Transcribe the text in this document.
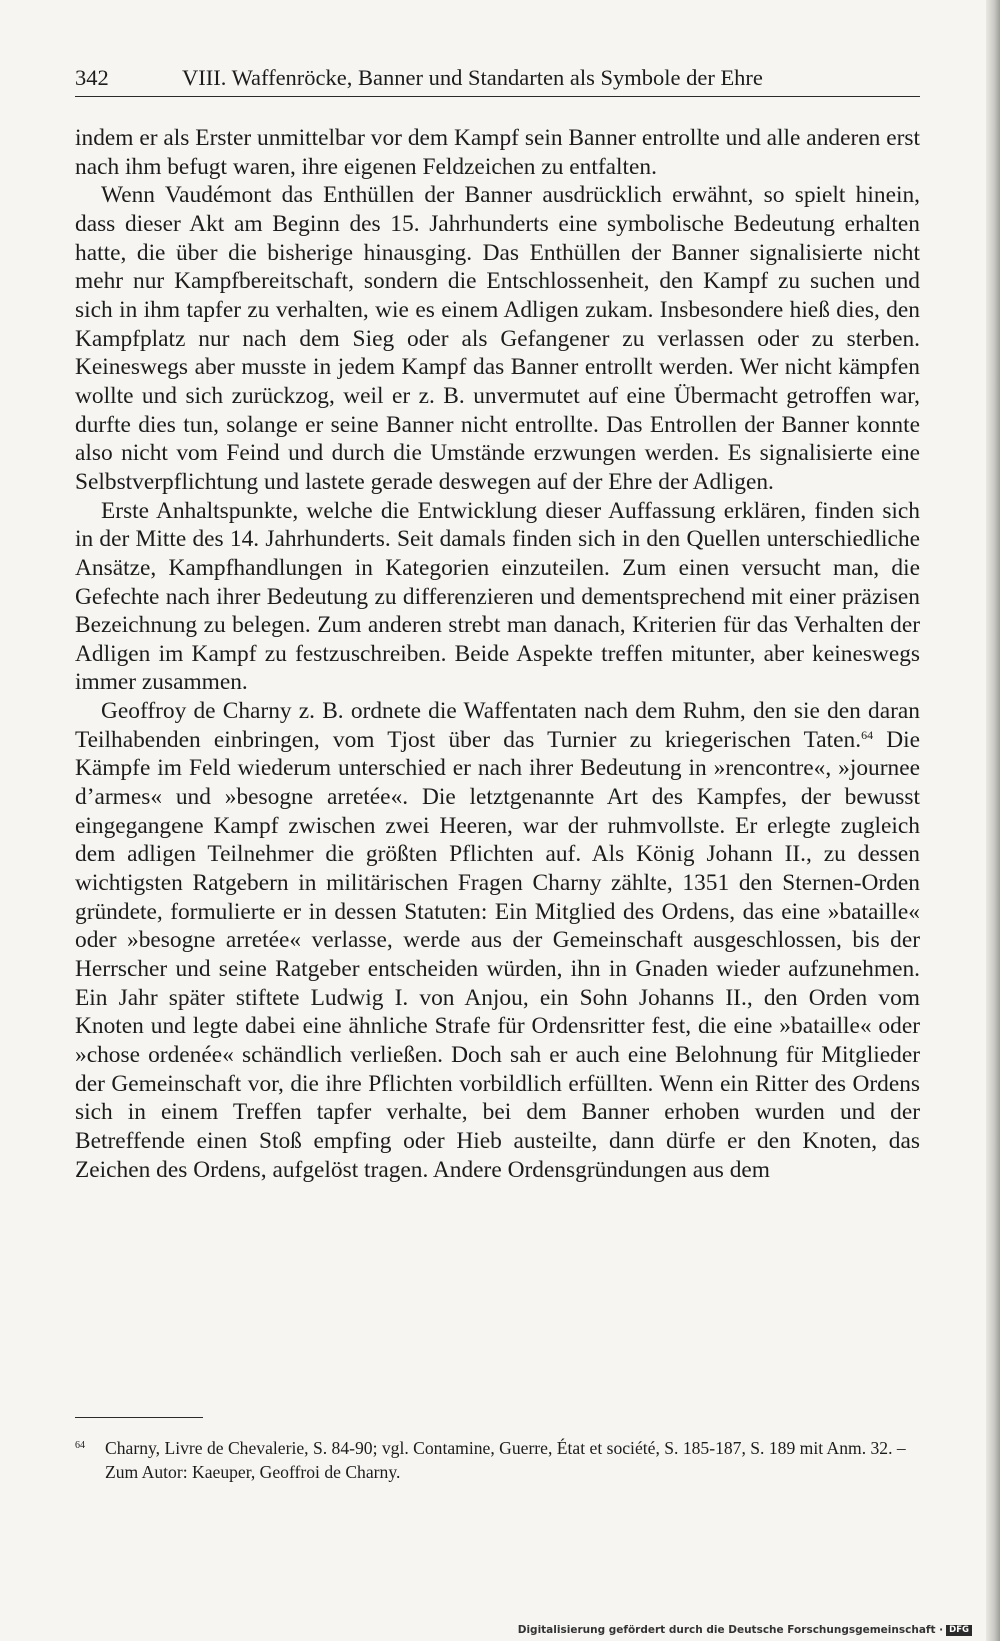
342	VIII. Waffenröcke, Banner und Standarten als Symbole der Ehre

indem er als Erster unmittelbar vor dem Kampf sein Banner entrollte und alle anderen erst nach ihm befugt waren, ihre eigenen Feldzeichen zu entfalten.

Wenn Vaudémont das Enthüllen der Banner ausdrücklich erwähnt, so spielt hinein, dass dieser Akt am Beginn des 15. Jahrhunderts eine symbolische Bedeutung erhalten hatte, die über die bisherige hinausging. Das Enthüllen der Banner signalisierte nicht mehr nur Kampfbereitschaft, sondern die Entschlossenheit, den Kampf zu suchen und sich in ihm tapfer zu verhalten, wie es einem Adligen zukam. Insbesondere hieß dies, den Kampfplatz nur nach dem Sieg oder als Gefangener zu verlassen oder zu sterben. Keineswegs aber musste in jedem Kampf das Banner entrollt werden. Wer nicht kämpfen wollte und sich zurückzog, weil er z. B. unvermutet auf eine Übermacht getroffen war, durfte dies tun, solange er seine Banner nicht entrollte. Das Entrollen der Banner konnte also nicht vom Feind und durch die Umstände erzwungen werden. Es signalisierte eine Selbstverpflichtung und lastete gerade deswegen auf der Ehre der Adligen.

Erste Anhaltspunkte, welche die Entwicklung dieser Auffassung erklären, finden sich in der Mitte des 14. Jahrhunderts. Seit damals finden sich in den Quellen unterschiedliche Ansätze, Kampfhandlungen in Kategorien einzuteilen. Zum einen versucht man, die Gefechte nach ihrer Bedeutung zu differenzieren und dementsprechend mit einer präzisen Bezeichnung zu belegen. Zum anderen strebt man danach, Kriterien für das Verhalten der Adligen im Kampf zu festzuschreiben. Beide Aspekte treffen mitunter, aber keineswegs immer zusammen.

Geoffroy de Charny z. B. ordnete die Waffentaten nach dem Ruhm, den sie den daran Teilhabenden einbringen, vom Tjost über das Turnier zu kriegerischen Taten.$^{64}$ Die Kämpfe im Feld wiederum unterschied er nach ihrer Bedeutung in »rencontre«, »journee d’armes« und »besogne arretée«. Die letztgenannte Art des Kampfes, der bewusst eingegangene Kampf zwischen zwei Heeren, war der ruhmvollste. Er erlegte zugleich dem adligen Teilnehmer die größten Pflichten auf. Als König Johann II., zu dessen wichtigsten Ratgebern in militärischen Fragen Charny zählte, 1351 den Sternen-Orden gründete, formulierte er in dessen Statuten: Ein Mitglied des Ordens, das eine »bataille« oder »besogne arretée« verlasse, werde aus der Gemeinschaft ausgeschlossen, bis der Herrscher und seine Ratgeber entscheiden würden, ihn in Gnaden wieder aufzunehmen. Ein Jahr später stiftete Ludwig I. von Anjou, ein Sohn Johanns II., den Orden vom Knoten und legte dabei eine ähnliche Strafe für Ordensritter fest, die eine »bataille« oder »chose ordenée« schändlich verließen. Doch sah er auch eine Belohnung für Mitglieder der Gemeinschaft vor, die ihre Pflichten vorbildlich erfüllten. Wenn ein Ritter des Ordens sich in einem Treffen tapfer verhalte, bei dem Banner erhoben wurden und der Betreffende einen Stoß empfing oder Hieb austeilte, dann dürfe er den Knoten, das Zeichen des Ordens, aufgelöst tragen. Andere Ordensgründungen aus dem

64 Charny, Livre de Chevalerie, S. 84-90; vgl. Contamine, Guerre, État et société, S. 185-187, S. 189 mit Anm. 32. – Zum Autor: Kaeuper, Geoffroi de Charny.
Digitalisierung gefördert durch die Deutsche Forschungsgemeinschaft · DFG
